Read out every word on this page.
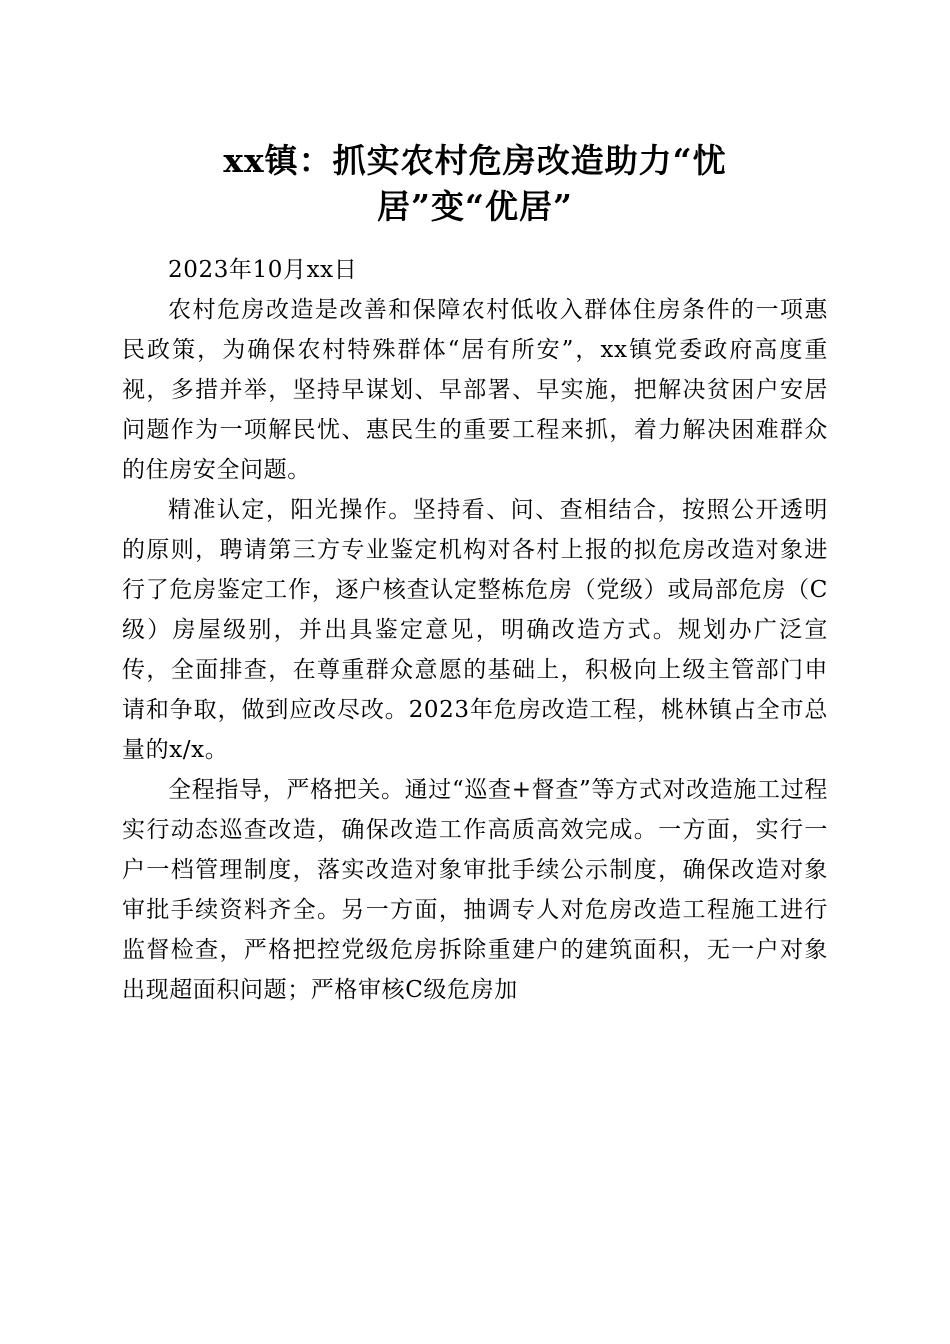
xx镇：抓实农村危房改造助力“忧
居”变“优居”

2023年10月xx日

农村危房改造是改善和保障农村低收入群体住房条件的一项惠民政策，为确保农村特殊群体“居有所安”，xx镇党委政府高度重视，多措并举，坚持早谋划、早部署、早实施，把解决贫困户安居问题作为一项解民忧、惠民生的重要工程来抓，着力解决困难群众的住房安全问题。

精准认定，阳光操作。坚持看、问、查相结合，按照公开透明的原则，聘请第三方专业鉴定机构对各村上报的拟危房改造对象进行了危房鉴定工作，逐户核查认定整栋危房（党级）或局部危房（C级）房屋级别，并出具鉴定意见，明确改造方式。规划办广泛宣传，全面排查，在尊重群众意愿的基础上，积极向上级主管部门申请和争取，做到应改尽改。2023年危房改造工程，桃林镇占全市总量的x/x。

全程指导，严格把关。通过“巡查+督查”等方式对改造施工过程实行动态巡查改造，确保改造工作高质高效完成。一方面，实行一户一档管理制度，落实改造对象审批手续公示制度，确保改造对象审批手续资料齐全。另一方面，抽调专人对危房改造工程施工进行监督检查，严格把控党级危房拆除重建户的建筑面积，无一户对象出现超面积问题；严格审核C级危房加
